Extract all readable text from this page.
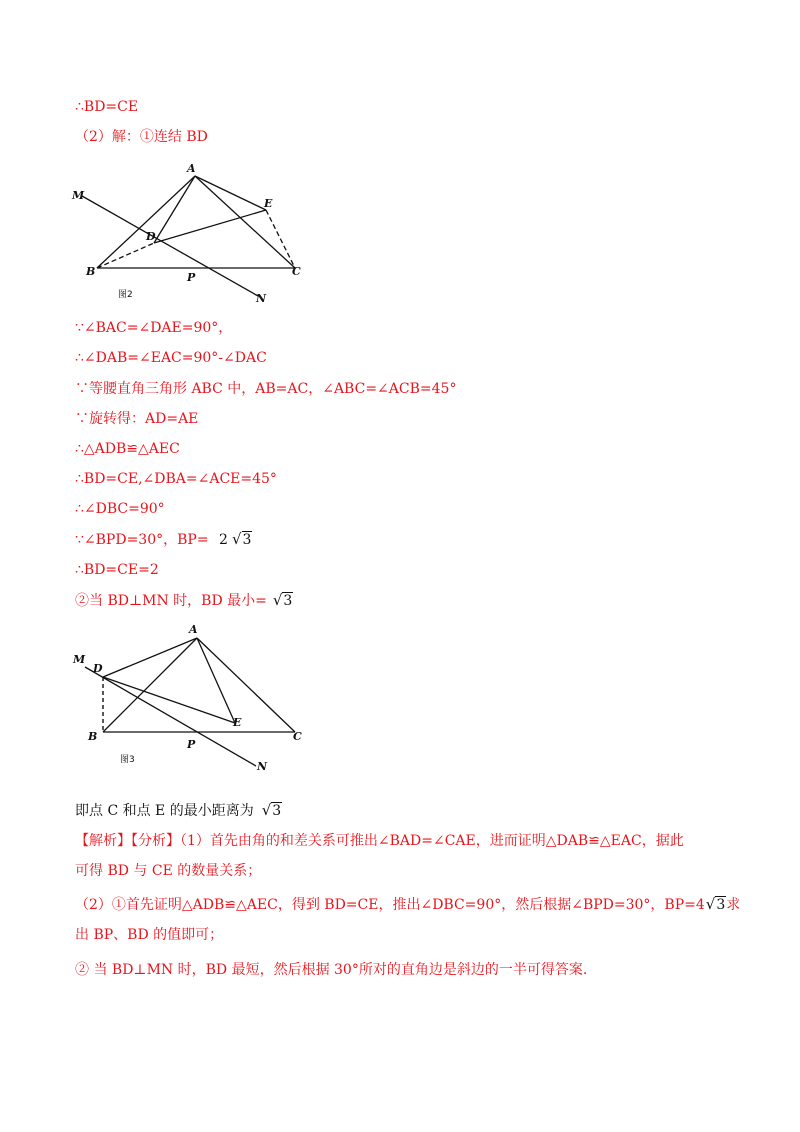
∴BD=CE
（2）解：①连结 BD
A
B	C
D
E
M
N
P
图2
∵∠BAC=∠DAE=90°，
∴∠DAB=∠EAC=90°-∠DAC
∵等腰直角三角形 ABC 中，AB=AC，∠ABC=∠ACB=45°
∵旋转得：AD=AE
∴△ADB≌△AEC
∴BD=CE,∠DBA=∠ACE=45°
∴∠DBC=90°
∵∠BPD=30°，BP= 2 √3
∴BD=CE=2
②当 BD⊥MN 时，BD 最小= √3
A
B	C
D
E
M
N
P
图3
即点 C 和点 E 的最小距离为 √3
【解析】【分析】（1）首先由角的和差关系可推出∠BAD=∠CAE，进而证明△DAB≌△EAC，据此
可得 BD 与 CE 的数量关系；
（2）①首先证明△ADB≌△AEC，得到 BD=CE，推出∠DBC=90°，然后根据∠BPD=30°，BP=4√3求
出 BP、BD 的值即可；
② 当 BD⊥MN 时，BD 最短，然后根据 30°所对的直角边是斜边的一半可得答案.
